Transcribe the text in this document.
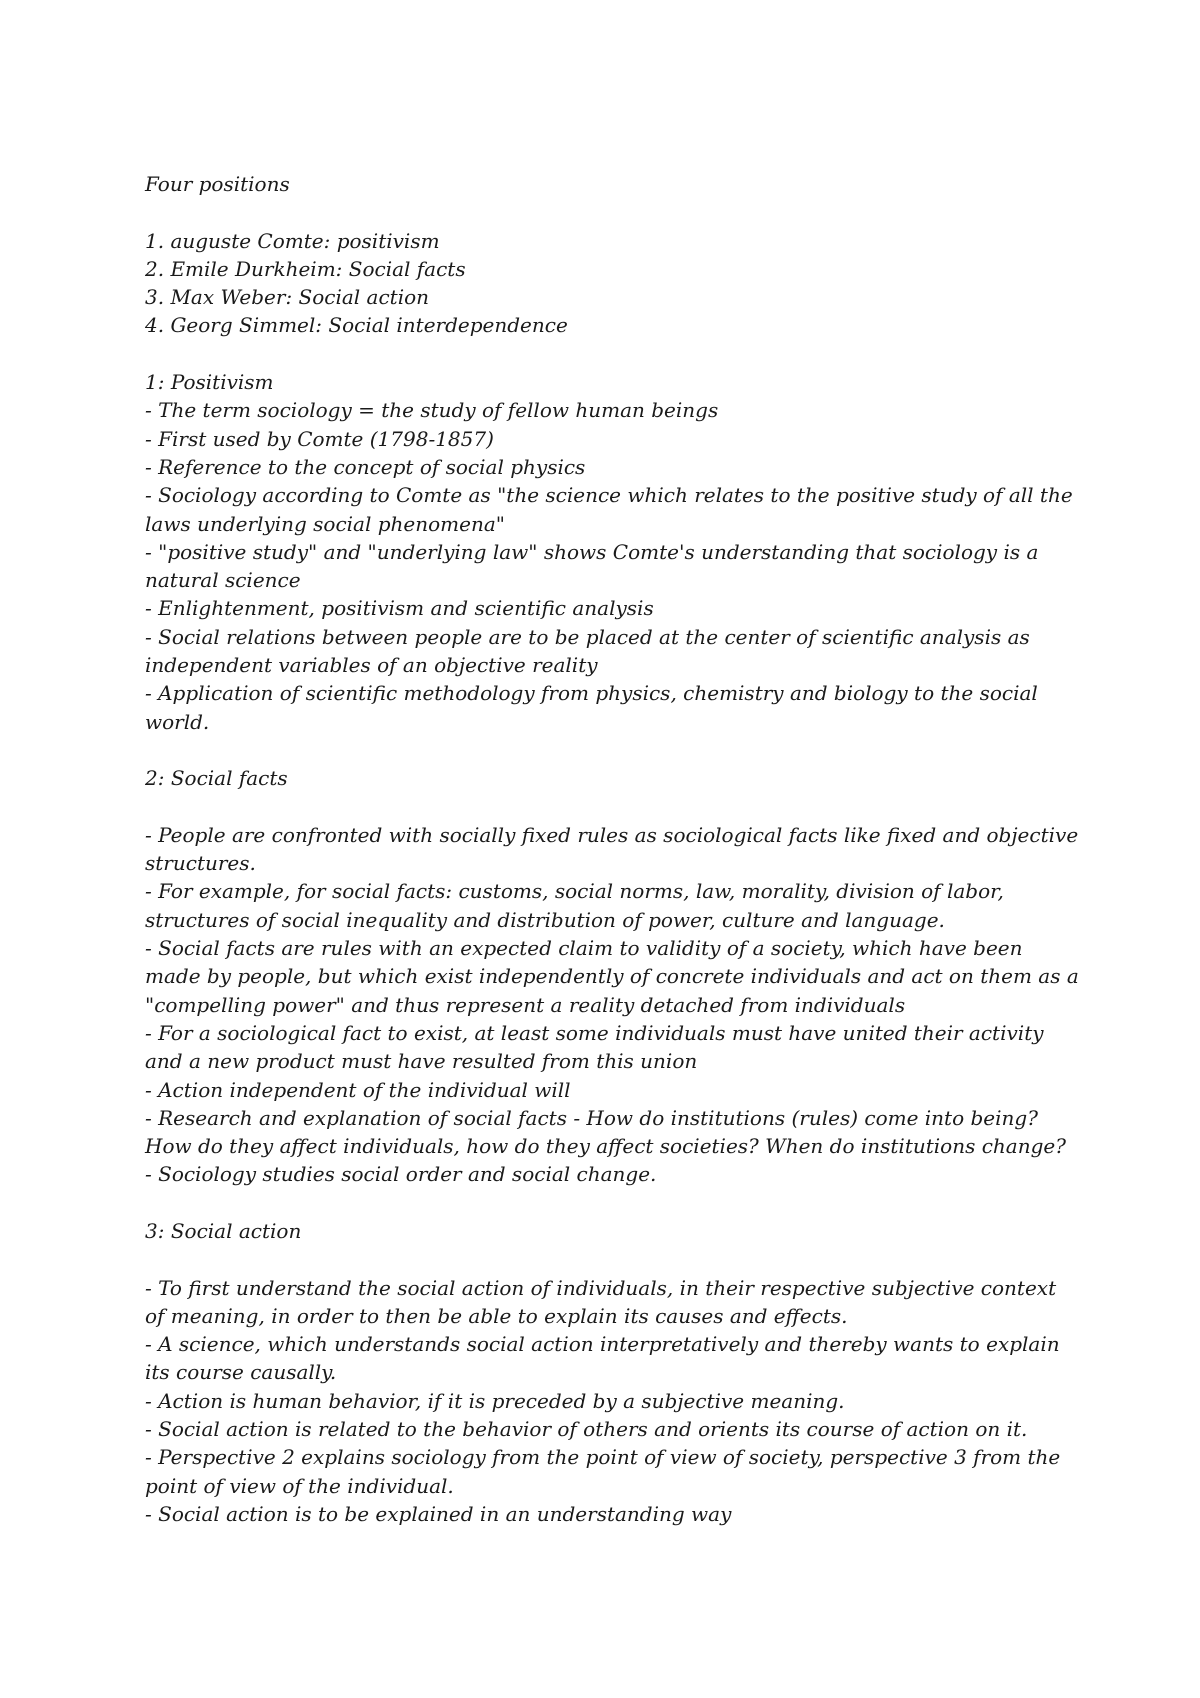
Four positions

1. auguste Comte: positivism

2. Emile Durkheim: Social facts

3. Max Weber: Social action

4. Georg Simmel: Social interdependence

1: Positivism

- The term sociology = the study of fellow human beings

- First used by Comte (1798-1857)

- Reference to the concept of social physics

- Sociology according to Comte as "the science which relates to the positive study of all the laws underlying social phenomena"

- "positive study" and "underlying law" shows Comte's understanding that sociology is a natural science

- Enlightenment, positivism and scientific analysis

- Social relations between people are to be placed at the center of scientific analysis as independent variables of an objective reality

- Application of scientific methodology from physics, chemistry and biology to the social world.

2: Social facts

- People are confronted with socially fixed rules as sociological facts like fixed and objective structures.

- For example, for social facts: customs, social norms, law, morality, division of labor, structures of social inequality and distribution of power, culture and language.

- Social facts are rules with an expected claim to validity of a society, which have been made by people, but which exist independently of concrete individuals and act on them as a "compelling power" and thus represent a reality detached from individuals

- For a sociological fact to exist, at least some individuals must have united their activity and a new product must have resulted from this union

- Action independent of the individual will

- Research and explanation of social facts - How do institutions (rules) come into being? How do they affect individuals, how do they affect societies? When do institutions change?

- Sociology studies social order and social change.

3: Social action

- To first understand the social action of individuals, in their respective subjective context of meaning, in order to then be able to explain its causes and effects.

- A science, which understands social action interpretatively and thereby wants to explain its course causally.

- Action is human behavior, if it is preceded by a subjective meaning.

- Social action is related to the behavior of others and orients its course of action on it.

- Perspective 2 explains sociology from the point of view of society, perspective 3 from the point of view of the individual.

- Social action is to be explained in an understanding way
